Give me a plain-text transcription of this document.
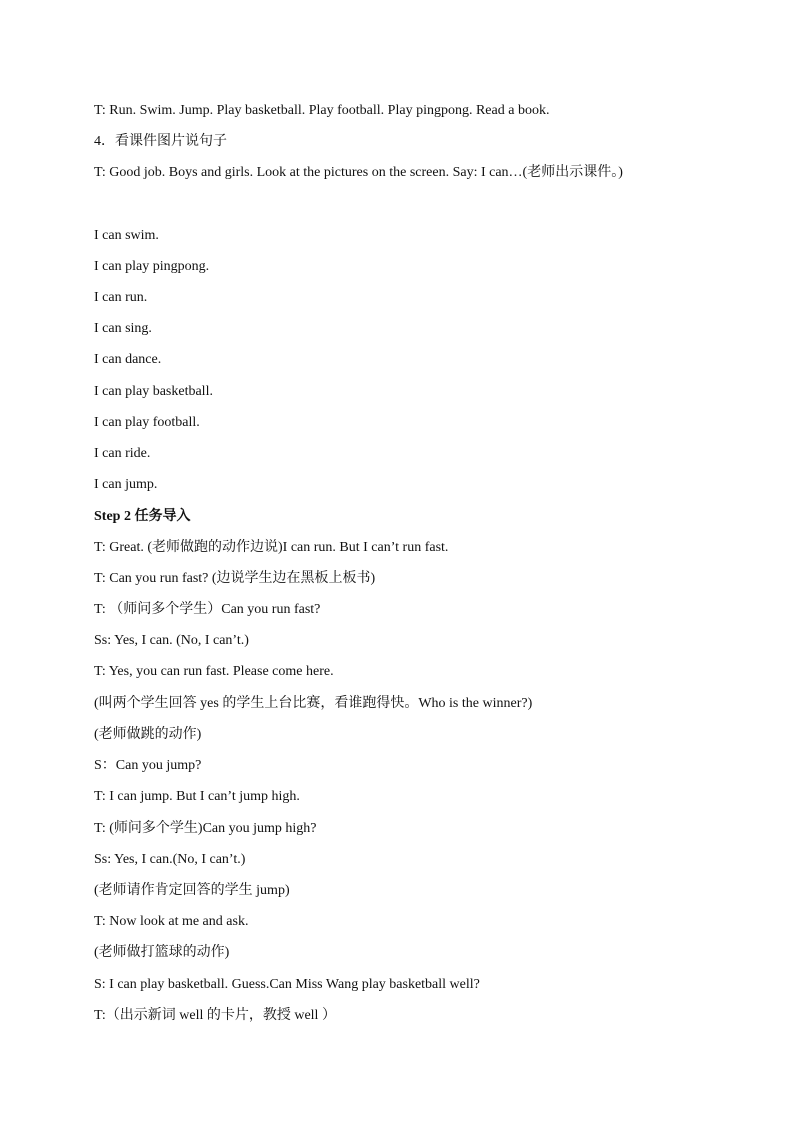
T: Run. Swim. Jump. Play basketball. Play football. Play pingpong. Read a book.
4．看课件图片说句子
T: Good job. Boys and girls. Look at the pictures on the screen. Say: I can…(老师出示课件。)
I can swim.
I can play pingpong.
I can run.
I can sing.
I can dance.
I can play basketball.
I can play football.
I can ride.
I can jump.
Step 2 任务导入
T: Great. (老师做跑的动作边说)I can run. But I can’t run fast.
T: Can you run fast? (边说学生边在黑板上板书)
T: （师问多个学生）Can you run fast?
Ss: Yes, I can. (No, I can’t.)
T: Yes, you can run fast. Please come here.
(叫两个学生回答 yes 的学生上台比赛，看谁跑得快。Who is the winner?)
(老师做跳的动作)
S：Can you jump?
T: I can jump. But I can’t jump high.
T: (师问多个学生)Can you jump high?
Ss: Yes, I can.(No, I can’t.)
(老师请作肯定回答的学生 jump)
T: Now look at me and ask.
(老师做打篮球的动作)
S: I can play basketball. Guess.Can Miss Wang play basketball well?
T:（出示新词 well 的卡片，教授 well ）
